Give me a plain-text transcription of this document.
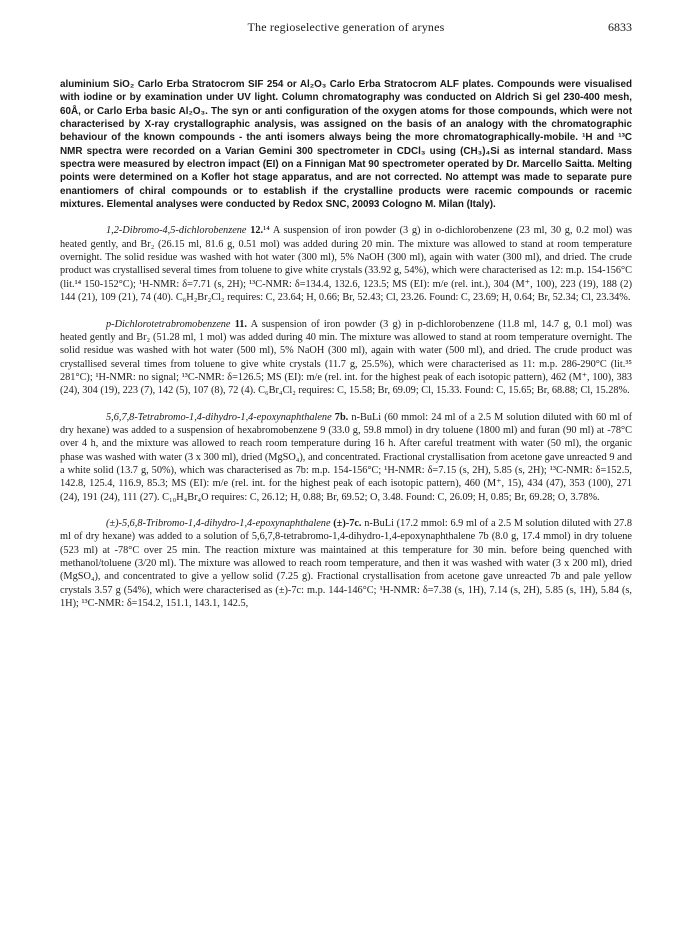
The regioselective generation of arynes	6833

aluminium SiO₂ Carlo Erba Stratocrom SIF 254 or Al₂O₃ Carlo Erba Stratocrom ALF plates. Compounds were visualised with iodine or by examination under UV light. Column chromatography was conducted on Aldrich Si gel 230-400 mesh, 60Å, or Carlo Erba basic Al₂O₃. The syn or anti configuration of the oxygen atoms for those compounds, which were not characterised by X-ray crystallographic analysis, was assigned on the basis of an analogy with the chromatographic behaviour of the known compounds - the anti isomers always being the more chromatographically-mobile. ¹H and ¹³C NMR spectra were recorded on a Varian Gemini 300 spectrometer in CDCl₃ using (CH₃)₄Si as internal standard. Mass spectra were measured by electron impact (EI) on a Finnigan Mat 90 spectrometer operated by Dr. Marcello Saitta. Melting points were determined on a Kofler hot stage apparatus, and are not corrected. No attempt was made to separate pure enantiomers of chiral compounds or to establish if the crystalline products were racemic compounds or racemic mixtures. Elemental analyses were conducted by Redox SNC, 20093 Cologno M. Milan (Italy).

1,2-Dibromo-4,5-dichlorobenzene 12.¹⁴ A suspension of iron powder (3 g) in o-dichlorobenzene (23 ml, 30 g, 0.2 mol) was heated gently, and Br₂ (26.15 ml, 81.6 g, 0.51 mol) was added during 20 min. The mixture was allowed to stand at room temperature overnight. The solid residue was washed with hot water (300 ml), 5% NaOH (300 ml), again with water (300 ml), and dried. The crude product was crystallised several times from toluene to give white crystals (33.92 g, 54%), which were characterised as 12: m.p. 154-156°C (lit.¹⁴ 150-152°C); ¹H-NMR: δ=7.71 (s, 2H); ¹³C-NMR: δ=134.4, 132.6, 123.5; MS (EI): m/e (rel. int.), 304 (M⁺, 100), 223 (19), 188 (2) 144 (21), 109 (21), 74 (40). C₆H₂Br₂Cl₂ requires: C, 23.64; H, 0.66; Br, 52.43; Cl, 23.26. Found: C, 23.69; H, 0.64; Br, 52.34; Cl, 23.34%.

p-Dichlorotetrabromobenzene 11. A suspension of iron powder (3 g) in p-dichlorobenzene (11.8 ml, 14.7 g, 0.1 mol) was heated gently and Br₂ (51.28 ml, 1 mol) was added during 40 min. The mixture was allowed to stand at room temperature overnight. The solid residue was washed with hot water (500 ml), 5% NaOH (300 ml), again with water (500 ml), and dried. The crude product was crystallised several times from toluene to give white crystals (11.7 g, 25.5%), which were characterised as 11: m.p. 286-290°C (lit.³⁵ 281°C); ¹H-NMR: no signal; ¹³C-NMR: δ=126.5; MS (EI): m/e (rel. int. for the highest peak of each isotopic pattern), 462 (M⁺, 100), 383 (24), 304 (19), 223 (7), 142 (5), 107 (8), 72 (4). C₆Br₄Cl₂ requires: C, 15.58; Br, 69.09; Cl, 15.33. Found: C, 15.65; Br, 68.88; Cl, 15.28%.

5,6,7,8-Tetrabromo-1,4-dihydro-1,4-epoxynaphthalene 7b. n-BuLi (60 mmol: 24 ml of a 2.5 M solution diluted with 60 ml of dry hexane) was added to a suspension of hexabromobenzene 9 (33.0 g, 59.8 mmol) in dry toluene (1800 ml) and furan (90 ml) at -78°C over 4 h, and the mixture was allowed to reach room temperature during 16 h. After careful treatment with water (50 ml), the organic phase was washed with water (3 x 300 ml), dried (MgSO₄), and concentrated. Fractional crystallisation from acetone gave unreacted 9 and a white solid (13.7 g, 50%), which was characterised as 7b: m.p. 154-156°C; ¹H-NMR: δ=7.15 (s, 2H), 5.85 (s, 2H); ¹³C-NMR: δ=152.5, 142.8, 125.4, 116.9, 85.3; MS (EI): m/e (rel. int. for the highest peak of each isotopic pattern), 460 (M⁺, 15), 434 (47), 353 (100), 271 (24), 191 (24), 111 (27). C₁₀H₄Br₄O requires: C, 26.12; H, 0.88; Br, 69.52; O, 3.48. Found: C, 26.09; H, 0.85; Br, 69.28; O, 3.78%.

(±)-5,6,8-Tribromo-1,4-dihydro-1,4-epoxynaphthalene (±)-7c. n-BuLi (17.2 mmol: 6.9 ml of a 2.5 M solution diluted with 27.8 ml of dry hexane) was added to a solution of 5,6,7,8-tetrabromo-1,4-dihydro-1,4-epoxynaphthalene 7b (8.0 g, 17.4 mmol) in dry toluene (523 ml) at -78°C over 25 min. The reaction mixture was maintained at this temperature for 30 min. before being quenched with methanol/toluene (3/20 ml). The mixture was allowed to reach room temperature, and then it was washed with water (3 x 200 ml), dried (MgSO₄), and concentrated to give a yellow solid (7.25 g). Fractional crystallisation from acetone gave unreacted 7b and pale yellow crystals 3.57 g (54%), which were characterised as (±)-7c: m.p. 144-146°C; ¹H-NMR: δ=7.38 (s, 1H), 7.14 (s, 2H), 5.85 (s, 1H), 5.84 (s, 1H); ¹³C-NMR: δ=154.2, 151.1, 143.1, 142.5,
